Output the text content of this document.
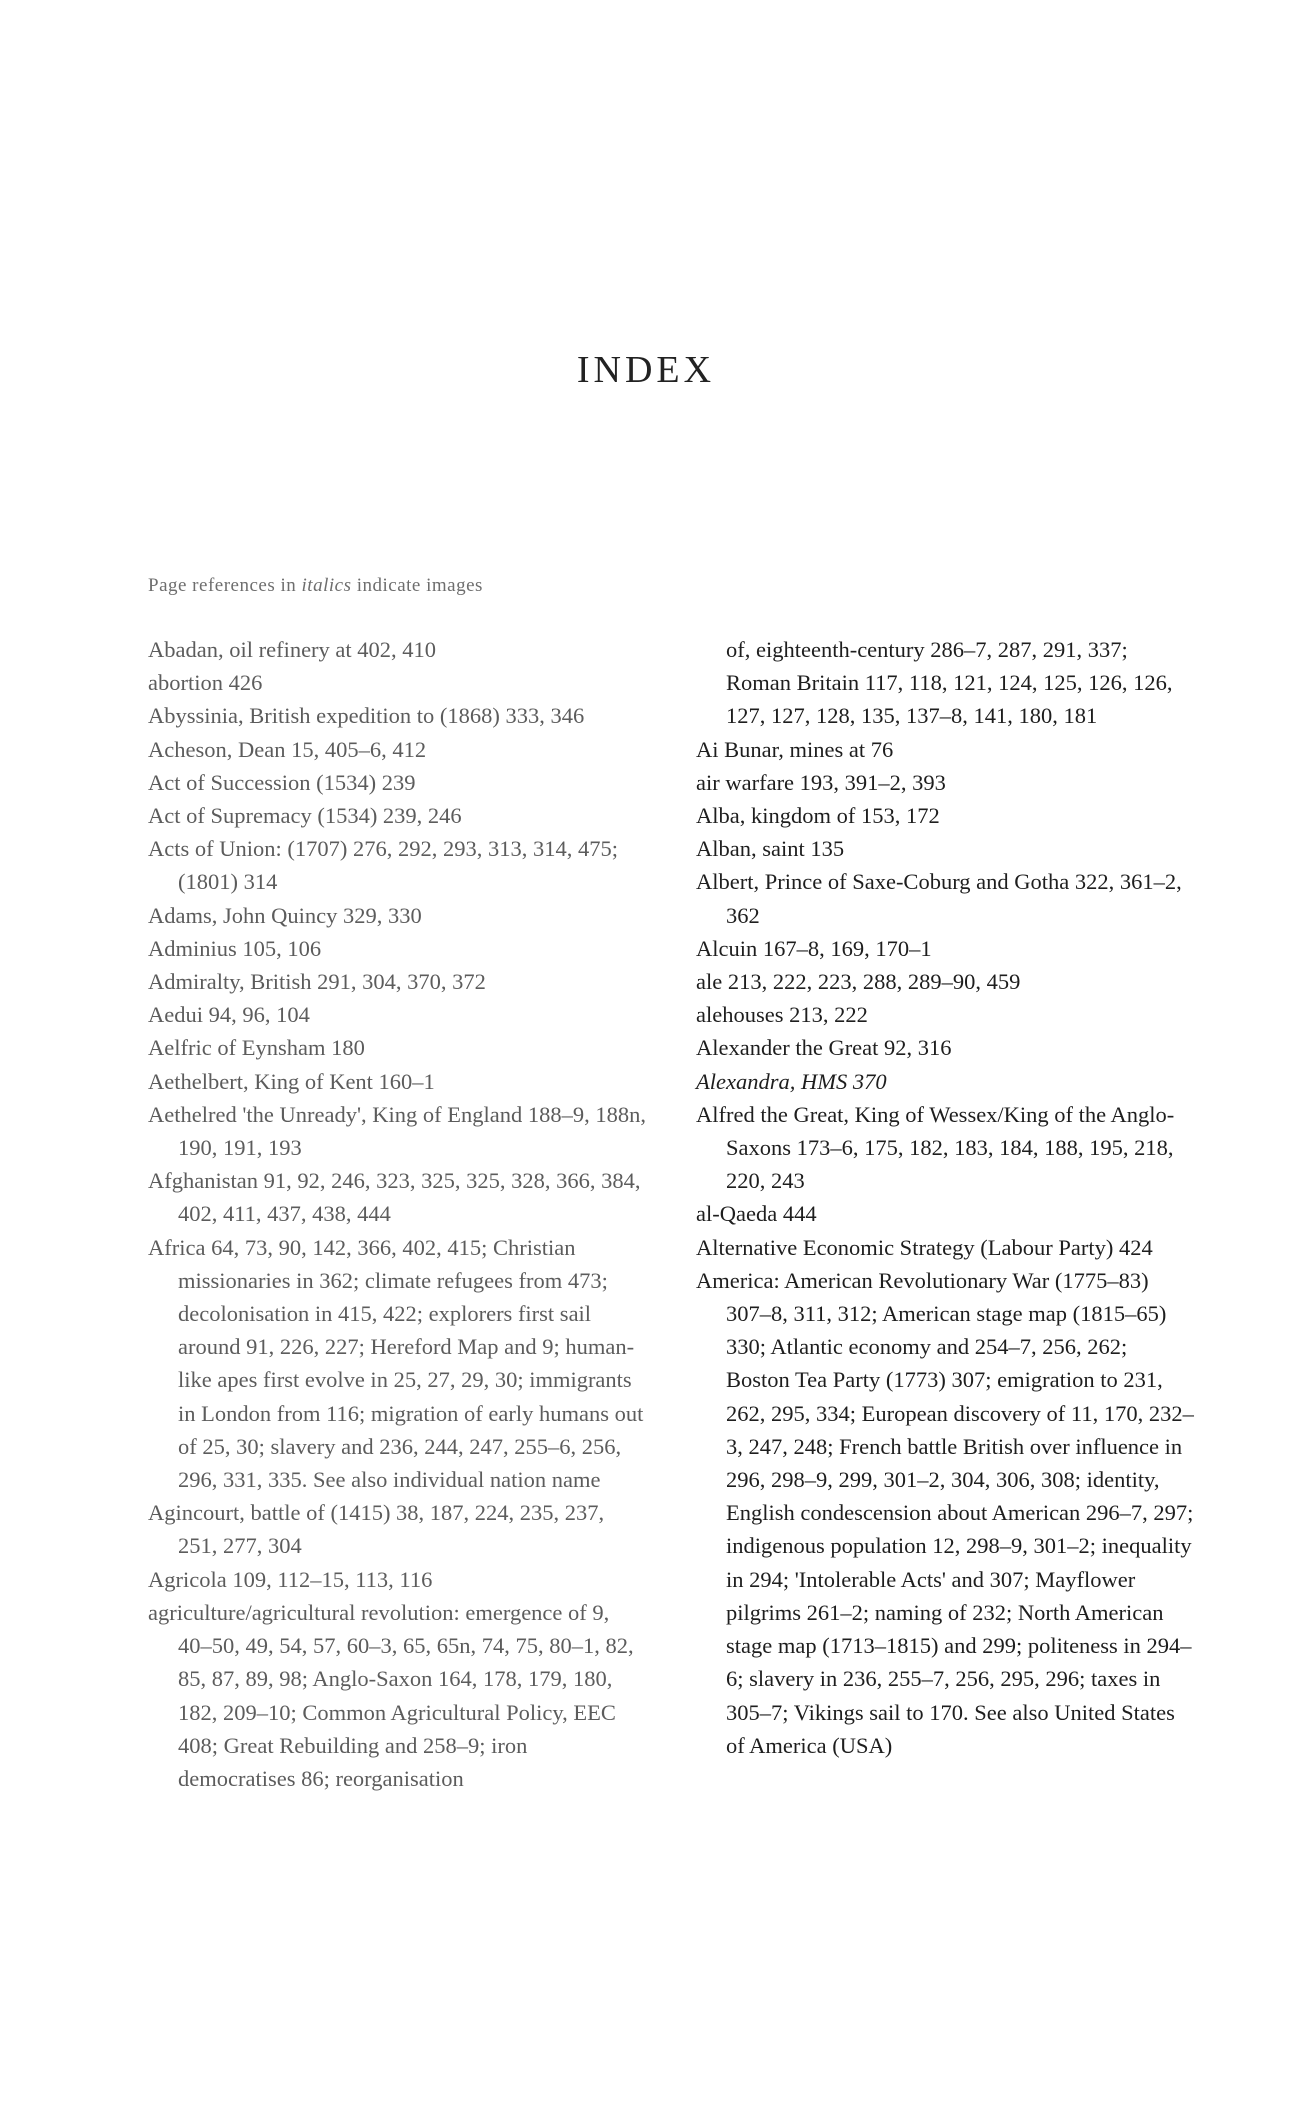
INDEX
Page references in italics indicate images

Abadan, oil refinery at 402, 410

abortion 426

Abyssinia, British expedition to (1868) 333, 346

Acheson, Dean 15, 405–6, 412

Act of Succession (1534) 239

Act of Supremacy (1534) 239, 246

Acts of Union: (1707) 276, 292, 293, 313, 314, 475; (1801) 314

Adams, John Quincy 329, 330

Adminius 105, 106

Admiralty, British 291, 304, 370, 372

Aedui 94, 96, 104

Aelfric of Eynsham 180

Aethelbert, King of Kent 160–1

Aethelred 'the Unready', King of England 188–9, 188n, 190, 191, 193

Afghanistan 91, 92, 246, 323, 325, 325, 328, 366, 384, 402, 411, 437, 438, 444

Africa 64, 73, 90, 142, 366, 402, 415; Christian missionaries in 362; climate refugees from 473; decolonisation in 415, 422; explorers first sail around 91, 226, 227; Hereford Map and 9; human-like apes first evolve in 25, 27, 29, 30; immigrants in London from 116; migration of early humans out of 25, 30; slavery and 236, 244, 247, 255–6, 256, 296, 331, 335. See also individual nation name

Agincourt, battle of (1415) 38, 187, 224, 235, 237, 251, 277, 304

Agricola 109, 112–15, 113, 116

agriculture/agricultural revolution: emergence of 9, 40–50, 49, 54, 57, 60–3, 65, 65n, 74, 75, 80–1, 82, 85, 87, 89, 98; Anglo-Saxon 164, 178, 179, 180, 182, 209–10; Common Agricultural Policy, EEC 408; Great Rebuilding and 258–9; iron democratises 86; reorganisation

of, eighteenth-century 286–7, 287, 291, 337; Roman Britain 117, 118, 121, 124, 125, 126, 126, 127, 127, 128, 135, 137–8, 141, 180, 181

Ai Bunar, mines at 76

air warfare 193, 391–2, 393

Alba, kingdom of 153, 172

Alban, saint 135

Albert, Prince of Saxe-Coburg and Gotha 322, 361–2, 362

Alcuin 167–8, 169, 170–1

ale 213, 222, 223, 288, 289–90, 459

alehouses 213, 222

Alexander the Great 92, 316

Alexandra, HMS 370

Alfred the Great, King of Wessex/King of the Anglo-Saxons 173–6, 175, 182, 183, 184, 188, 195, 218, 220, 243

al-Qaeda 444

Alternative Economic Strategy (Labour Party) 424

America: American Revolutionary War (1775–83) 307–8, 311, 312; American stage map (1815–65) 330; Atlantic economy and 254–7, 256, 262; Boston Tea Party (1773) 307; emigration to 231, 262, 295, 334; European discovery of 11, 170, 232–3, 247, 248; French battle British over influence in 296, 298–9, 299, 301–2, 304, 306, 308; identity, English condescension about American 296–7, 297; indigenous population 12, 298–9, 301–2; inequality in 294; 'Intolerable Acts' and 307; Mayflower pilgrims 261–2; naming of 232; North American stage map (1713–1815) and 299; politeness in 294–6; slavery in 236, 255–7, 256, 295, 296; taxes in 305–7; Vikings sail to 170. See also United States of America (USA)
